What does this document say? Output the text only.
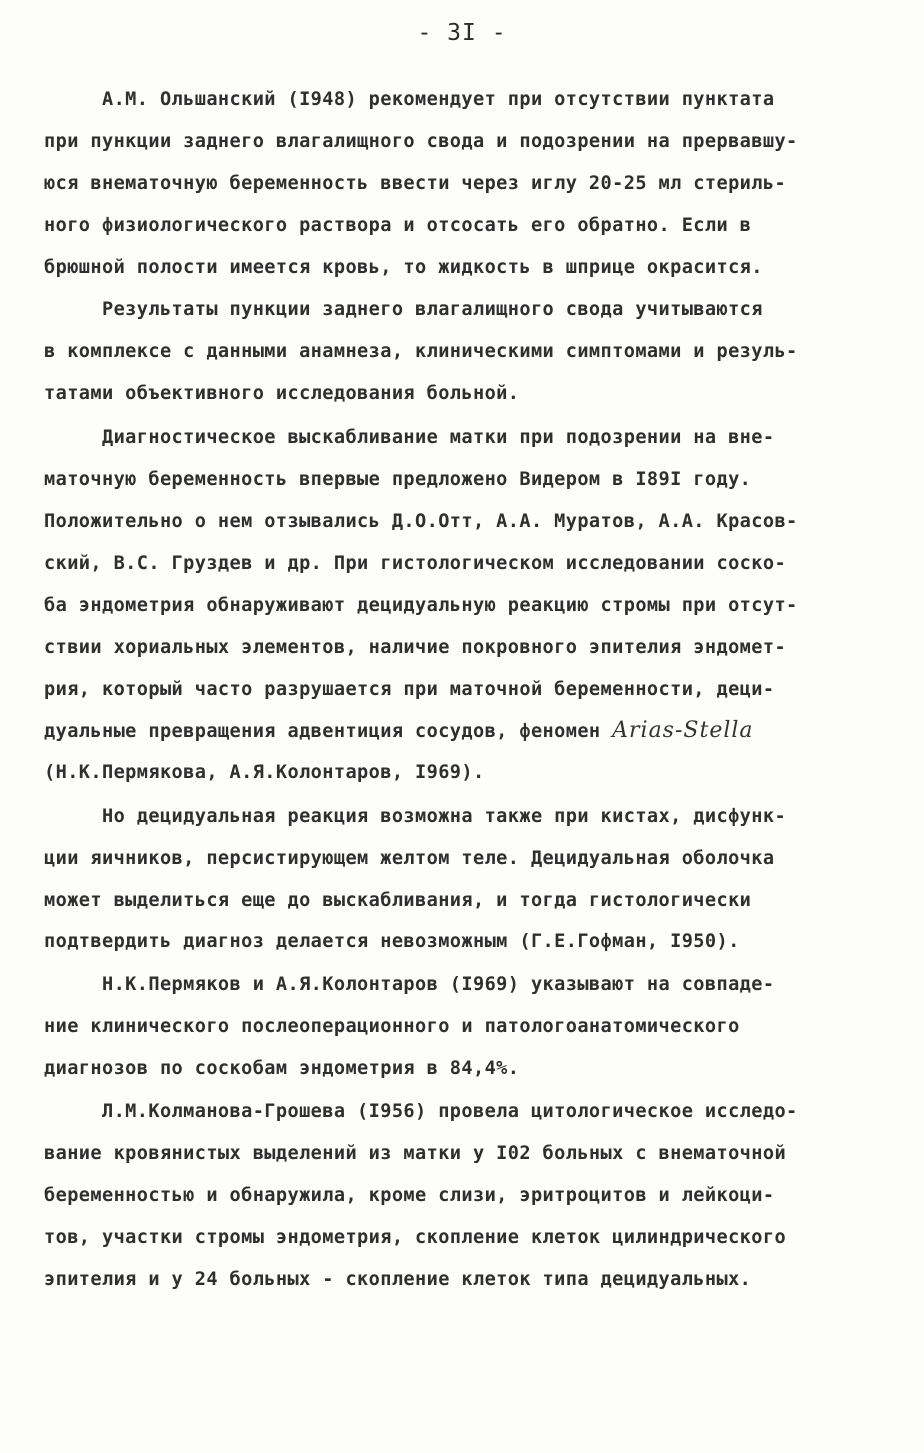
- 3I -
А.М. Ольшанский (I948) рекомендует при отсутствии пунктата
при пункции заднего влагалищного свода и подозрении на прервавшу-
юся внематочную беременность ввести через иглу 20-25 мл стериль-
ного физиологического раствора и отсосать его обратно. Если в
брюшной полости имеется кровь, то жидкость в шприце окрасится.
Результаты пункции заднего влагалищного свода учитываются
в комплексе с данными анамнеза, клиническими симптомами и резуль-
татами объективного исследования больной.
Диагностическое выскабливание матки при подозрении на вне-
маточную беременность впервые предложено Видером в I89I году.
Положительно о нем отзывались Д.О.Отт, А.А. Муратов, А.А. Красов-
ский, В.С. Груздев и др. При гистологическом исследовании соско-
ба эндометрия обнаруживают децидуальную реакцию стромы при отсут-
ствии хориальных элементов, наличие покровного эпителия эндомет-
рия, который часто разрушается при маточной беременности, деци-
дуальные превращения адвентиция сосудов, феномен Arias-Stella
(Н.К.Пермякова, А.Я.Колонтаров, I969).
Но децидуальная реакция возможна также при кистах, дисфунк-
ции яичников, персистирующем желтом теле. Децидуальная оболочка
может выделиться еще до выскабливания, и тогда гистологически
подтвердить диагноз делается невозможным (Г.Е.Гофман, I950).
Н.К.Пермяков и А.Я.Колонтаров (I969) указывают на совпаде-
ние клинического послеоперационного и патологоанатомического
диагнозов по соскобам эндометрия в 84,4%.
Л.М.Колманова-Грошева (I956) провела цитологическое исследо-
вание кровянистых выделений из матки у I02 больных с внематочной
беременностью и обнаружила, кроме слизи, эритроцитов и лейкоци-
тов, участки стромы эндометрия, скопление клеток цилиндрического
эпителия и у 24 больных - скопление клеток типа децидуальных.
